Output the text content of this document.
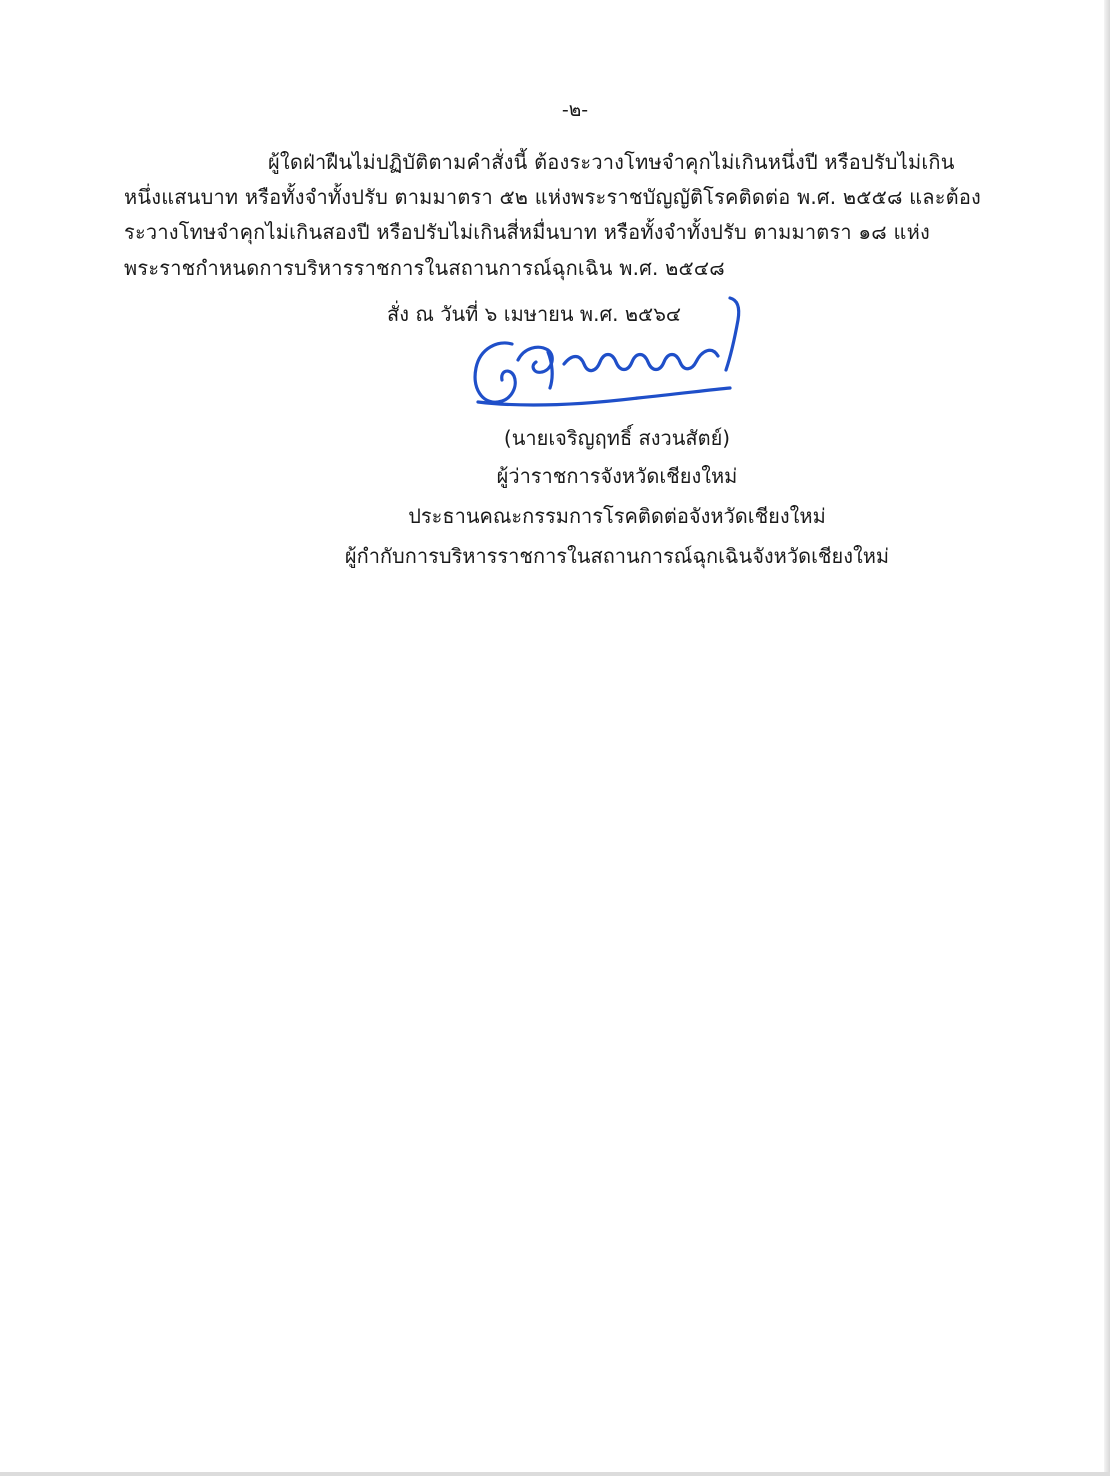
-๒-
ผู้ใดฝ่าฝืนไม่ปฏิบัติตามคำสั่งนี้ ต้องระวางโทษจำคุกไม่เกินหนึ่งปี หรือปรับไม่เกิน
หนึ่งแสนบาท หรือทั้งจำทั้งปรับ ตามมาตรา ๕๒ แห่งพระราชบัญญัติโรคติดต่อ พ.ศ. ๒๕๕๘ และต้อง
ระวางโทษจำคุกไม่เกินสองปี หรือปรับไม่เกินสี่หมื่นบาท หรือทั้งจำทั้งปรับ ตามมาตรา ๑๘ แห่ง
พระราชกำหนดการบริหารราชการในสถานการณ์ฉุกเฉิน พ.ศ. ๒๕๔๘
สั่ง ณ วันที่ ๖ เมษายน พ.ศ. ๒๕๖๔
(นายเจริญฤทธิ์ สงวนสัตย์)
ผู้ว่าราชการจังหวัดเชียงใหม่
ประธานคณะกรรมการโรคติดต่อจังหวัดเชียงใหม่
ผู้กำกับการบริหารราชการในสถานการณ์ฉุกเฉินจังหวัดเชียงใหม่
